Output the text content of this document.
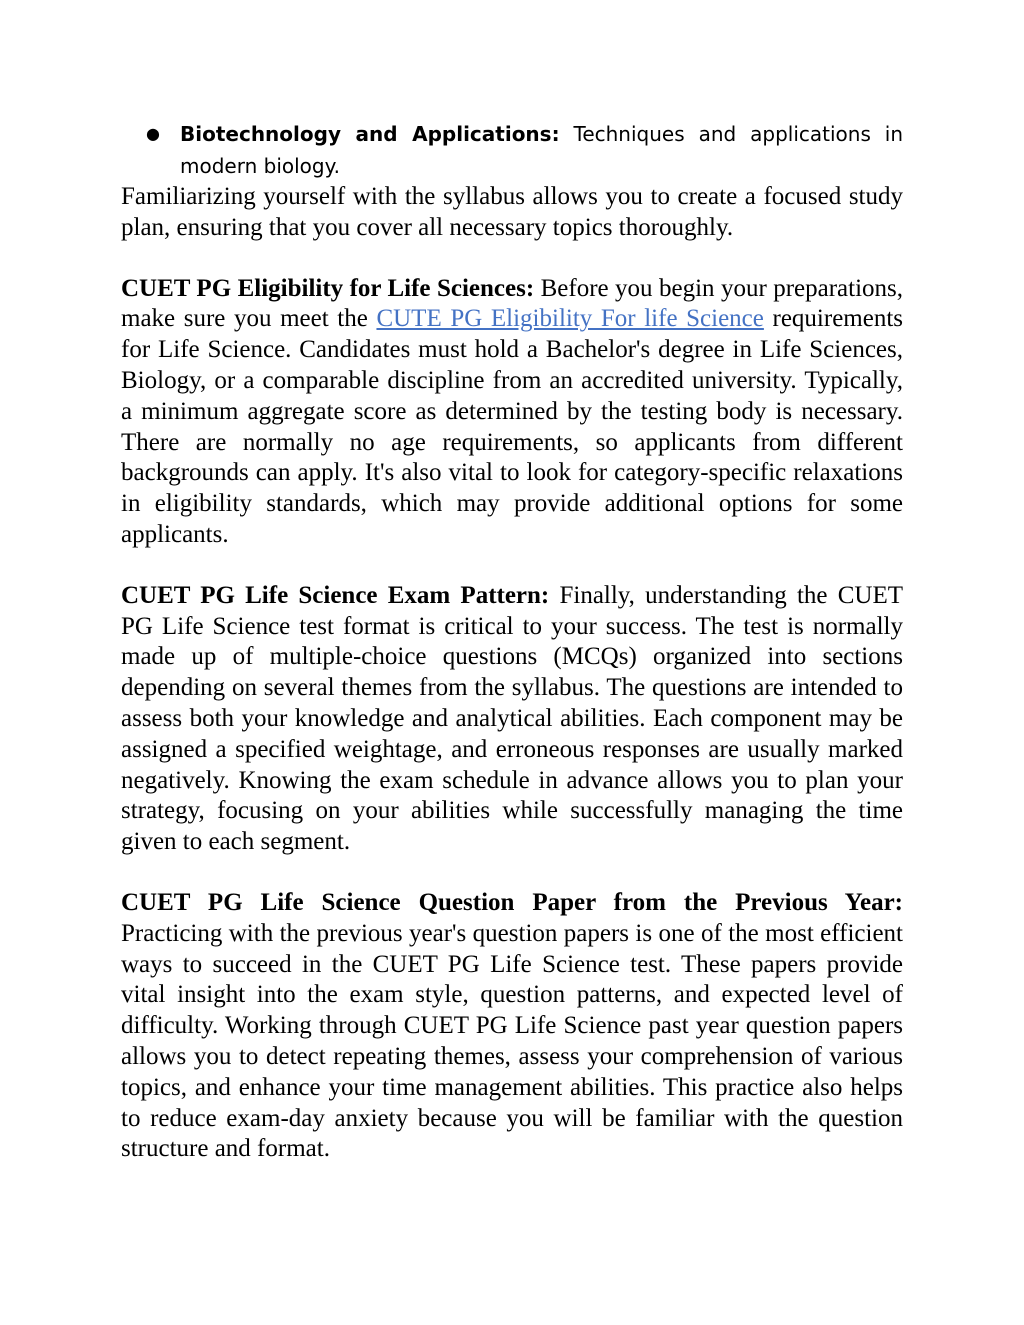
● Biotechnology and Applications: Techniques and applications in modern biology.

Familiarizing yourself with the syllabus allows you to create a focused study plan, ensuring that you cover all necessary topics thoroughly.

CUET PG Eligibility for Life Sciences: Before you begin your preparations, make sure you meet the CUTE PG Eligibility For life Science requirements for Life Science. Candidates must hold a Bachelor's degree in Life Sciences, Biology, or a comparable discipline from an accredited university. Typically, a minimum aggregate score as determined by the testing body is necessary. There are normally no age requirements, so applicants from different backgrounds can apply. It's also vital to look for category-specific relaxations in eligibility standards, which may provide additional options for some applicants.

CUET PG Life Science Exam Pattern: Finally, understanding the CUET PG Life Science test format is critical to your success. The test is normally made up of multiple-choice questions (MCQs) organized into sections depending on several themes from the syllabus. The questions are intended to assess both your knowledge and analytical abilities. Each component may be assigned a specified weightage, and erroneous responses are usually marked negatively. Knowing the exam schedule in advance allows you to plan your strategy, focusing on your abilities while successfully managing the time given to each segment.

CUET PG Life Science Question Paper from the Previous Year: Practicing with the previous year's question papers is one of the most efficient ways to succeed in the CUET PG Life Science test. These papers provide vital insight into the exam style, question patterns, and expected level of difficulty. Working through CUET PG Life Science past year question papers allows you to detect repeating themes, assess your comprehension of various topics, and enhance your time management abilities. This practice also helps to reduce exam-day anxiety because you will be familiar with the question structure and format.
